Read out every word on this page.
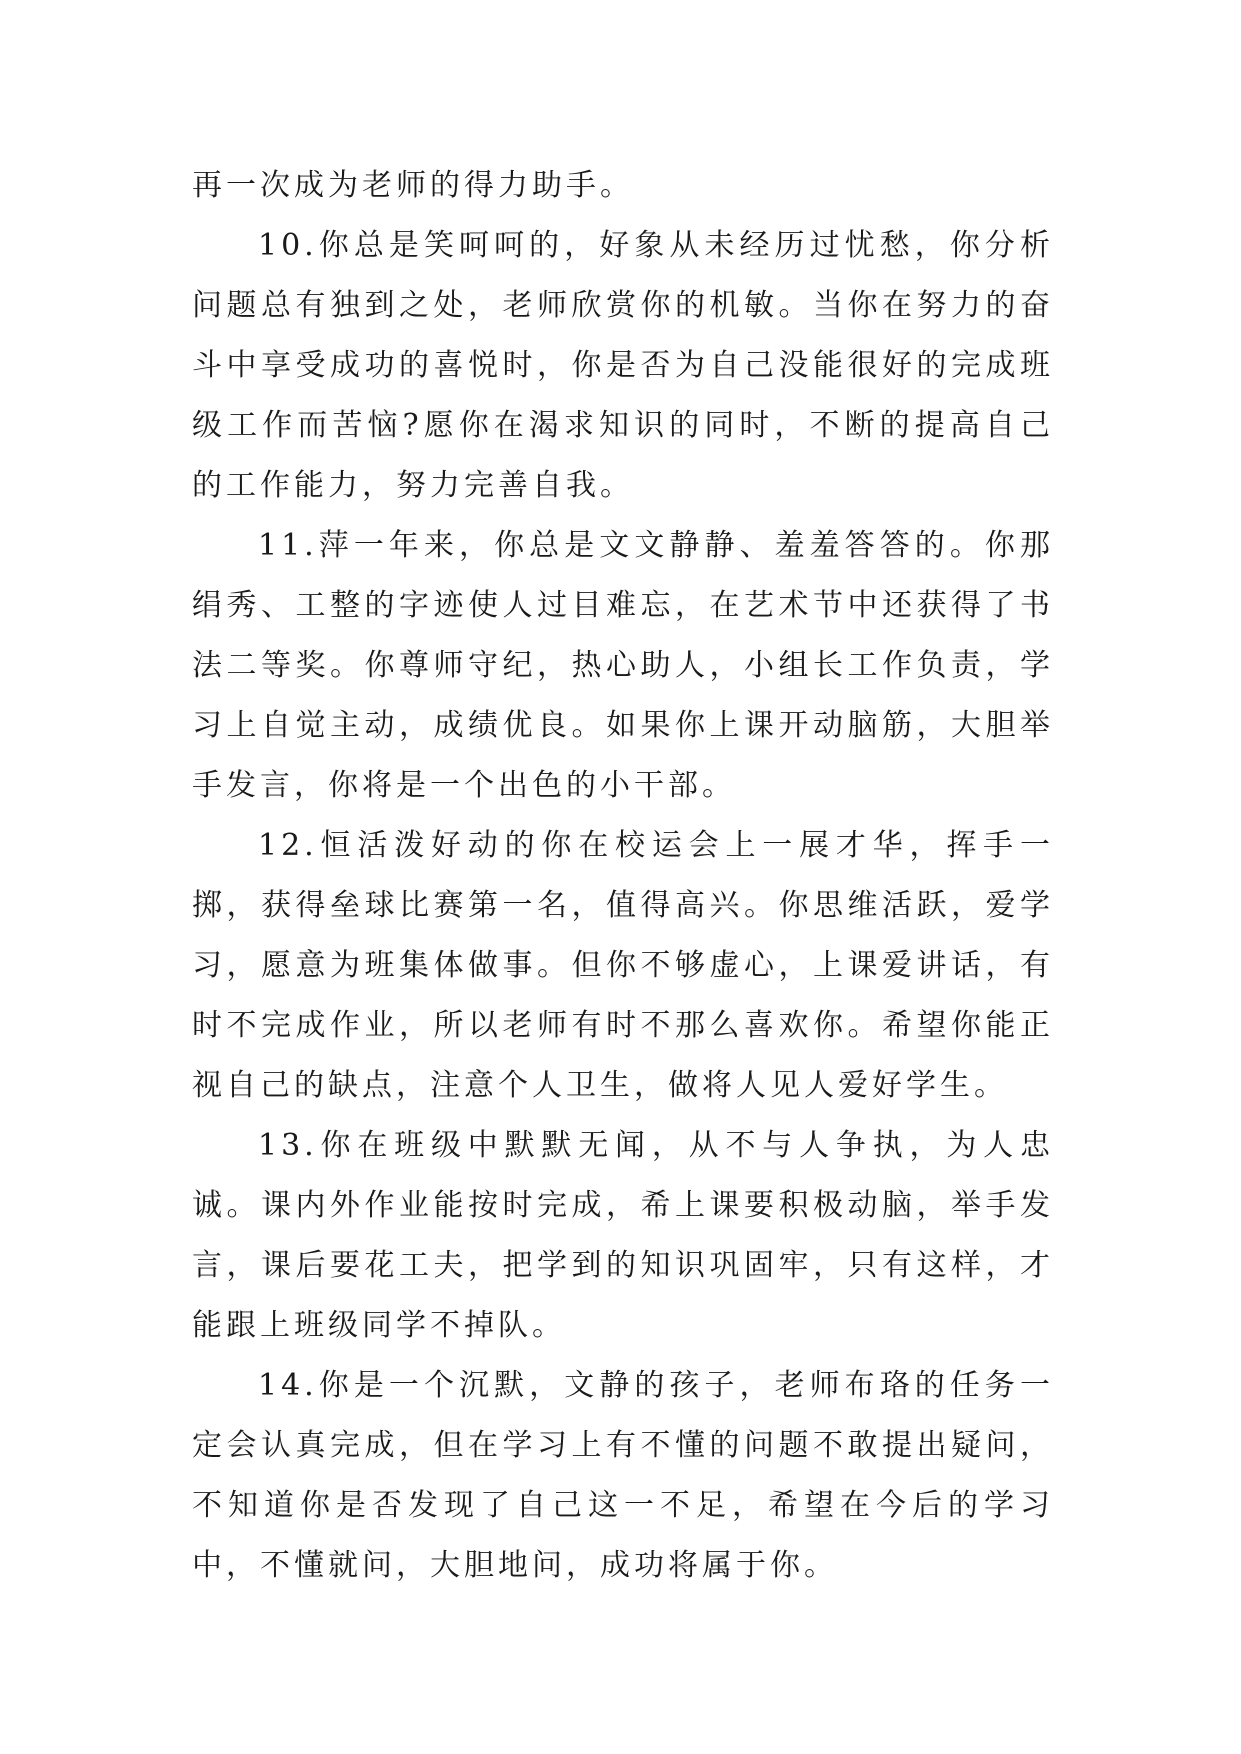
再一次成为老师的得力助手。

10.你总是笑呵呵的，好象从未经历过忧愁，你分析问题总有独到之处，老师欣赏你的机敏。当你在努力的奋斗中享受成功的喜悦时，你是否为自己没能很好的完成班级工作而苦恼?愿你在渴求知识的同时，不断的提高自己的工作能力，努力完善自我。

11.萍一年来，你总是文文静静、羞羞答答的。你那绢秀、工整的字迹使人过目难忘，在艺术节中还获得了书法二等奖。你尊师守纪，热心助人，小组长工作负责，学习上自觉主动，成绩优良。如果你上课开动脑筋，大胆举手发言，你将是一个出色的小干部。

12.恒活泼好动的你在校运会上一展才华，挥手一掷，获得垒球比赛第一名，值得高兴。你思维活跃，爱学习，愿意为班集体做事。但你不够虚心，上课爱讲话，有时不完成作业，所以老师有时不那么喜欢你。希望你能正视自己的缺点，注意个人卫生，做将人见人爱好学生。

13.你在班级中默默无闻，从不与人争执，为人忠诚。课内外作业能按时完成，希上课要积极动脑，举手发言，课后要花工夫，把学到的知识巩固牢，只有这样，才能跟上班级同学不掉队。

14.你是一个沉默，文静的孩子，老师布珞的任务一定会认真完成，但在学习上有不懂的问题不敢提出疑问，不知道你是否发现了自己这一不足，希望在今后的学习中，不懂就问，大胆地问，成功将属于你。
